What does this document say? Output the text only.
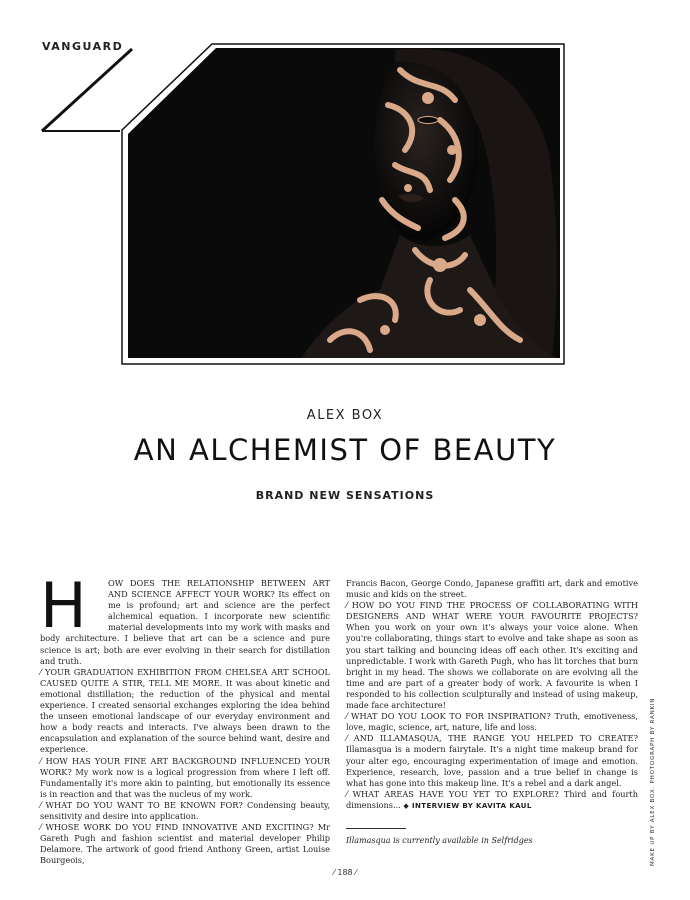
VANGUARD
ALEX BOX
AN ALCHEMIST OF BEAUTY
BRAND NEW SENSATIONS
H	OW DOES THE RELATIONSHIP BETWEEN ART AND SCIENCE AFFECT YOUR WORK? Its effect on me is profound; art and science are the perfect alchemical equation. I incorporate new scientific material developments into my work with masks and body architecture. I believe that art can be a science and pure science is art; both are ever evolving in their search for distillation and truth.

⁄ YOUR GRADUATION EXHIBITION FROM CHELSEA ART SCHOOL CAUSED QUITE A STIR, TELL ME MORE. It was about kinetic and emotional distillation; the reduction of the physical and mental experience. I created sensorial exchanges exploring the idea behind the unseen emotional landscape of our everyday environment and how a body reacts and interacts. I've always been drawn to the encapsulation and explanation of the source behind want, desire and experience.

⁄ HOW HAS YOUR FINE ART BACKGROUND INFLUENCED YOUR WORK? My work now is a logical progression from where I left off. Fundamentally it's more akin to painting, but emotionally its essence is in reaction and that was the nucleus of my work.

⁄ WHAT DO YOU WANT TO BE KNOWN FOR? Condensing beauty, sensitivity and desire into application.

⁄ WHOSE WORK DO YOU FIND INNOVATIVE AND EXCITING? Mr Gareth Pugh and fashion scientist and material developer Philip Delamore. The artwork of good friend Anthony Green, artist Louise Bourgeois,

Francis Bacon, George Condo, Japanese graffiti art, dark and emotive music and kids on the street.

⁄ HOW DO YOU FIND THE PROCESS OF COLLABORATING WITH DESIGNERS AND WHAT WERE YOUR FAVOURITE PROJECTS? When you work on your own it's always your voice alone. When you're collaborating, things start to evolve and take shape as soon as you start talking and bouncing ideas off each other. It's exciting and unpredictable. I work with Gareth Pugh, who has lit torches that burn bright in my head. The shows we collaborate on are evolving all the time and are part of a greater body of work. A favourite is when I responded to his collection sculpturally and instead of using makeup, made face architecture!

⁄ WHAT DO YOU LOOK TO FOR INSPIRATION? Truth, emotiveness, love, magic, science, art, nature, life and loss.

⁄ AND ILLAMASQUA, THE RANGE YOU HELPED TO CREATE? Illamasqua is a modern fairytale. It's a night time makeup brand for your alter ego, encouraging experimentation of image and emotion. Experience, research, love, passion and a true belief in change is what has gone into this makeup line. It's a rebel and a dark angel.

⁄ WHAT AREAS HAVE YOU YET TO EXPLORE? Third and fourth dimensions... ◆ INTERVIEW BY KAVITA KAUL

Illamasqua is currently available in Selfridges	MAKE UP BY ALEX BOX. PHOTOGRAPH BY RANKIN
⁄ 188 ⁄
